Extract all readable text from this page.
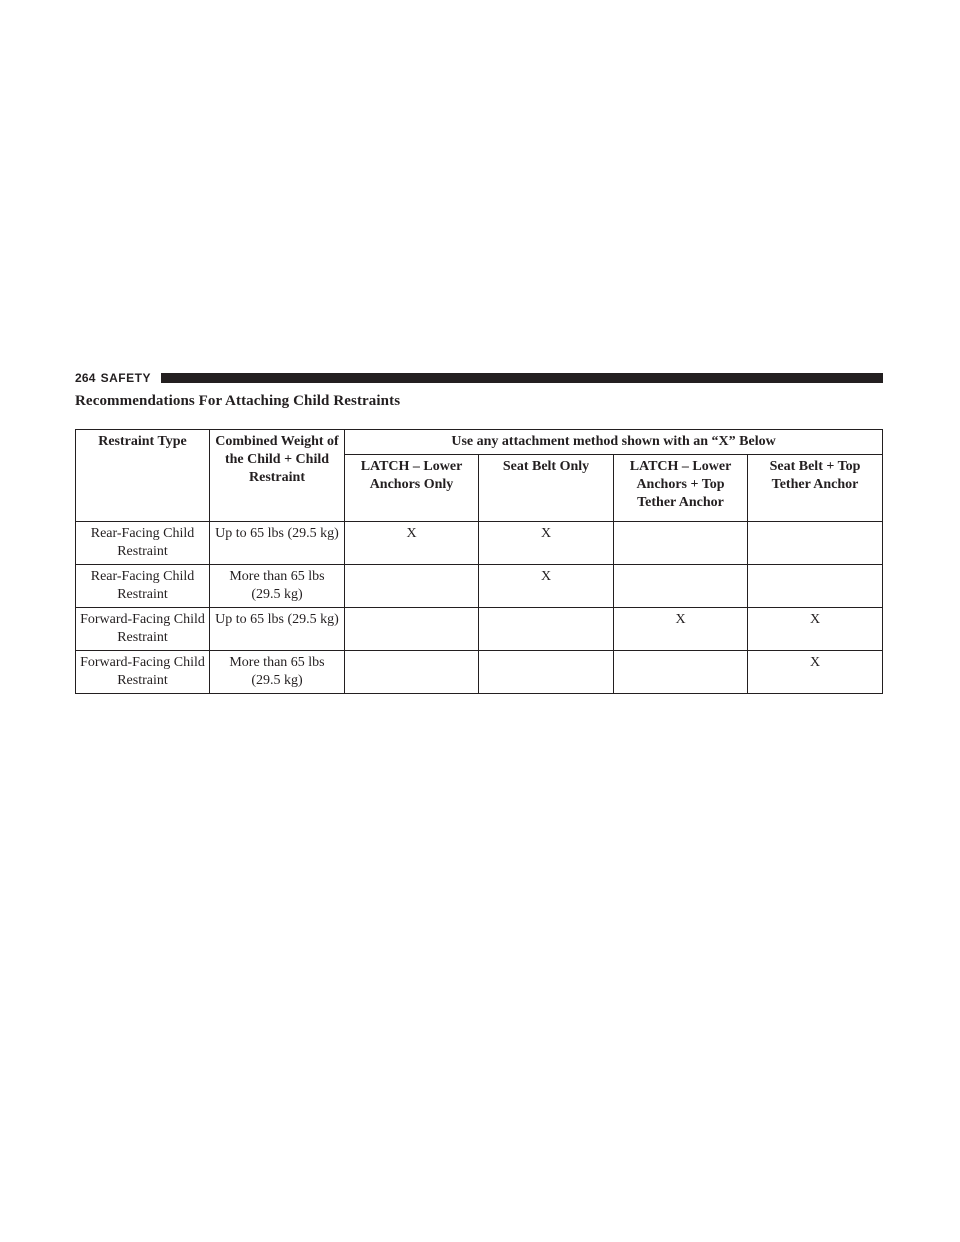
264 SAFETY
Recommendations For Attaching Child Restraints
Restraint Type	Combined Weight of the Child + Child Restraint	Use any attachment method shown with an “X” Below			
		LATCH – Lower Anchors Only	Seat Belt Only	LATCH – Lower Anchors + Top Tether Anchor	Seat Belt + Top Tether Anchor
Rear-Facing Child Restraint	Up to 65 lbs (29.5 kg)	X	X		
Rear-Facing Child Restraint	More than 65 lbs (29.5 kg)		X		
Forward-Facing Child Restraint	Up to 65 lbs (29.5 kg)			X	X
Forward-Facing Child Restraint	More than 65 lbs (29.5 kg)				X
